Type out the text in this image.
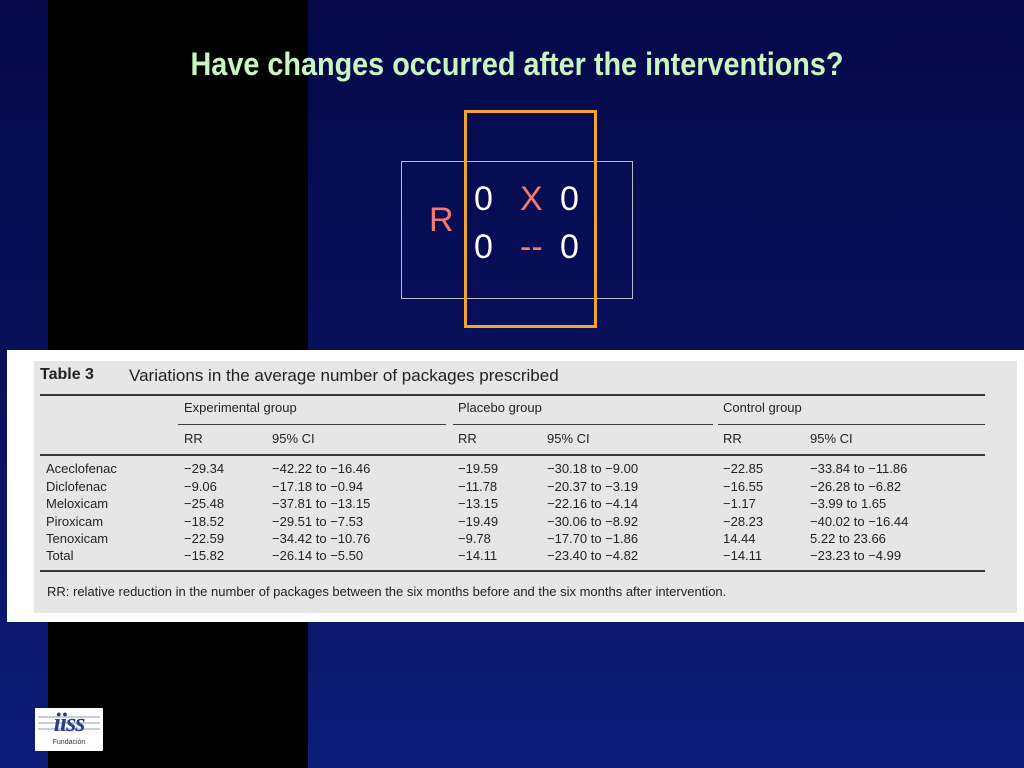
Have changes occurred after the interventions?
R
0 X 0
0 -- 0
Table 3 Variations in the average number of packages prescribed
Experimental group	Placebo group	Control group
RR	95% CI	RR	95% CI	RR	95% CI
Aceclofenac	−29.34	−42.22 to −16.46	−19.59	−30.18 to −9.00	−22.85	−33.84 to −11.86
Diclofenac	−9.06	−17.18 to −0.94	−11.78	−20.37 to −3.19	−16.55	−26.28 to −6.82
Meloxicam	−25.48	−37.81 to −13.15	−13.15	−22.16 to −4.14	−1.17	−3.99 to 1.65
Piroxicam	−18.52	−29.51 to −7.53	−19.49	−30.06 to −8.92	−28.23	−40.02 to −16.44
Tenoxicam	−22.59	−34.42 to −10.76	−9.78	−17.70 to −1.86	14.44	5.22 to 23.66
Total	−15.82	−26.14 to −5.50	−14.11	−23.40 to −4.82	−14.11	−23.23 to −4.99
RR: relative reduction in the number of packages between the six months before and the six months after intervention.
iiss
Fundación
